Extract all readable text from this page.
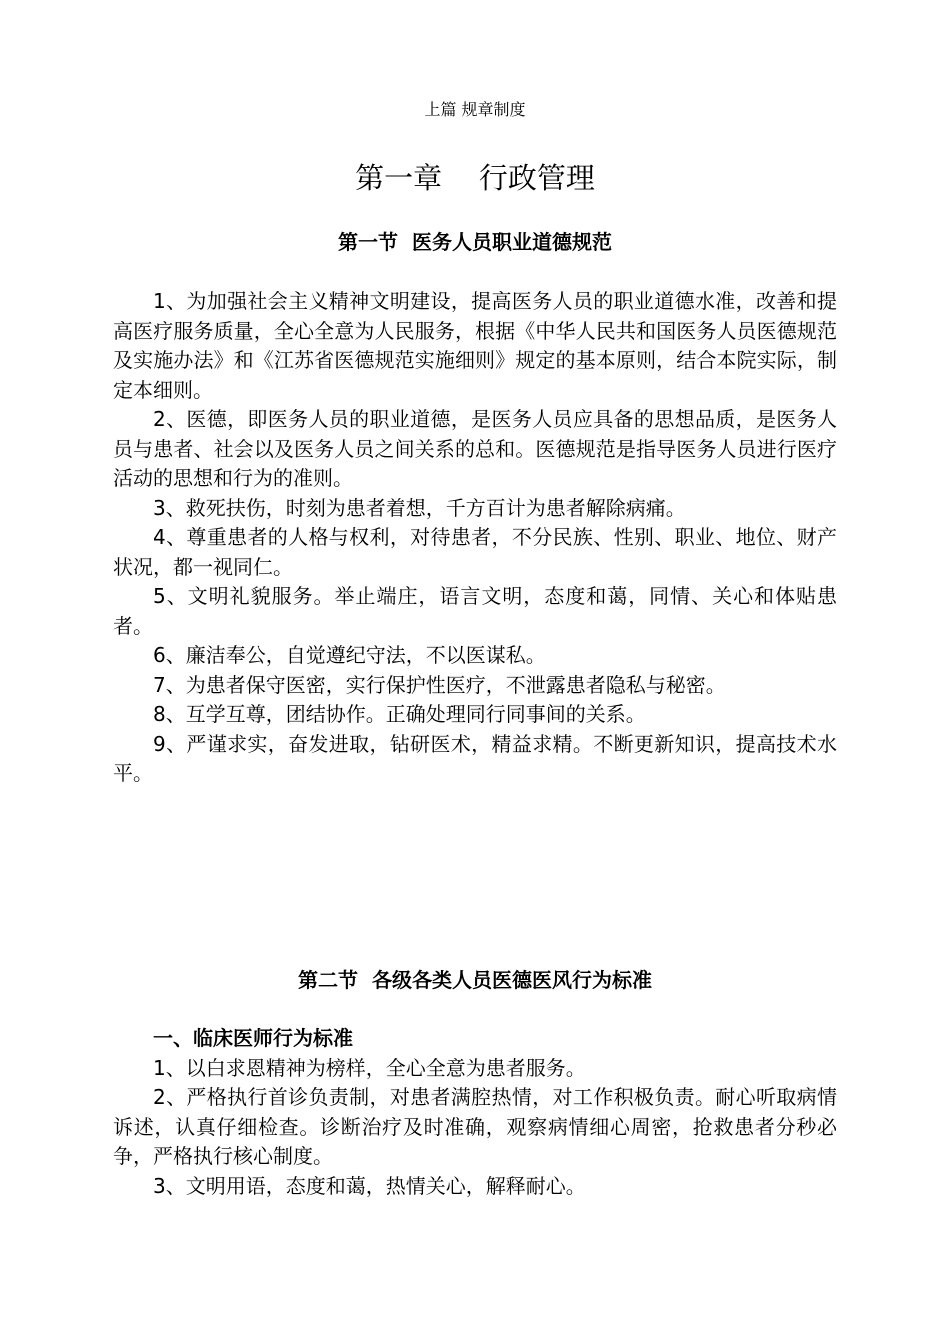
上篇 规章制度
第一章    行政管理
第一节  医务人员职业道德规范

1、为加强社会主义精神文明建设，提高医务人员的职业道德水准，改善和提高医疗服务质量，全心全意为人民服务，根据《中华人民共和国医务人员医德规范及实施办法》和《江苏省医德规范实施细则》规定的基本原则，结合本院实际，制定本细则。

2、医德，即医务人员的职业道德，是医务人员应具备的思想品质，是医务人员与患者、社会以及医务人员之间关系的总和。医德规范是指导医务人员进行医疗活动的思想和行为的准则。

3、救死扶伤，时刻为患者着想，千方百计为患者解除病痛。

4、尊重患者的人格与权利，对待患者，不分民族、性别、职业、地位、财产状况，都一视同仁。

5、文明礼貌服务。举止端庄，语言文明，态度和蔼，同情、关心和体贴患者。

6、廉洁奉公，自觉遵纪守法，不以医谋私。

7、为患者保守医密，实行保护性医疗，不泄露患者隐私与秘密。

8、互学互尊，团结协作。正确处理同行同事间的关系。

9、严谨求实，奋发进取，钻研医术，精益求精。不断更新知识，提高技术水平。

第二节  各级各类人员医德医风行为标准

一、临床医师行为标准

1、以白求恩精神为榜样，全心全意为患者服务。

2、严格执行首诊负责制，对患者满腔热情，对工作积极负责。耐心听取病情诉述，认真仔细检查。诊断治疗及时准确，观察病情细心周密，抢救患者分秒必争，严格执行核心制度。

3、文明用语，态度和蔼，热情关心，解释耐心。
